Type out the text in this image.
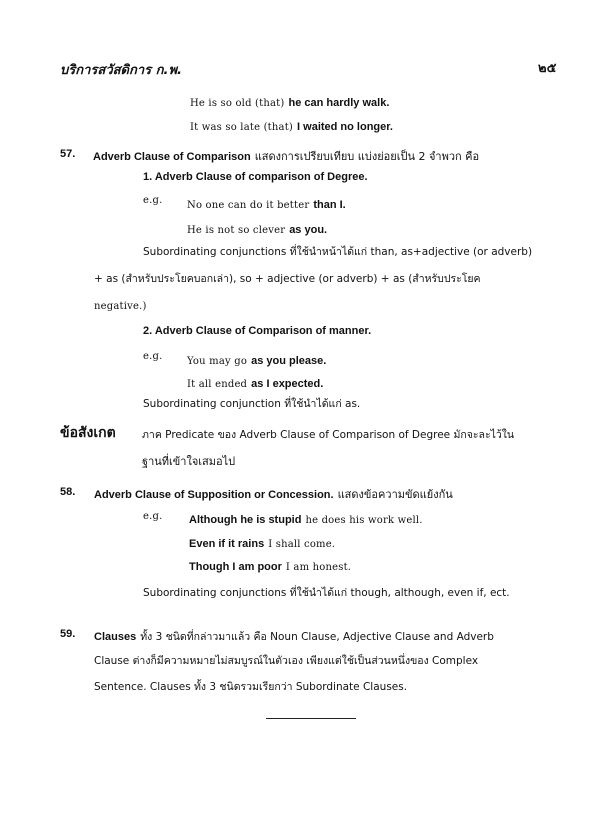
บริการสวัสดิการ ก.พ.	๒๕
He is so old (that) he can hardly walk.
It was so late (that) I waited no longer.
57. Adverb Clause of Comparison แสดงการเปรียบเทียบ แบ่งย่อยเป็น 2 จำพวก คือ
1. Adverb Clause of comparison of Degree.
e.g. No one can do it better than I.
He is not so clever as you.
Subordinating conjunctions ที่ใช้นำหน้าได้แก่ than, as+adjective (or adverb)
+ as (สำหรับประโยคบอกเล่า), so + adjective (or adverb) + as (สำหรับประโยค
negative.)
2. Adverb Clause of Comparison of manner.
e.g. You may go as you please.
It all ended as I expected.
Subordinating conjunction ที่ใช้นำได้แก่ as.
ข้อสังเกต	ภาค Predicate ของ Adverb Clause of Comparison of Degree มักจะละไว้ใน
ฐานที่เข้าใจเสมอไป
58. Adverb Clause of Supposition or Concession. แสดงข้อความขัดแย้งกัน
e.g. Although he is stupid he does his work well.
Even if it rains I shall come.
Though I am poor I am honest.
Subordinating conjunctions ที่ใช้นำได้แก่ though, although, even if, ect.
59. Clauses ทั้ง 3 ชนิดที่กล่าวมาแล้ว คือ Noun Clause, Adjective Clause and Adverb
Clause ต่างก็มีความหมายไม่สมบูรณ์ในตัวเอง เพียงแต่ใช้เป็นส่วนหนึ่งของ Complex
Sentence. Clauses ทั้ง 3 ชนิดรวมเรียกว่า Subordinate Clauses.
